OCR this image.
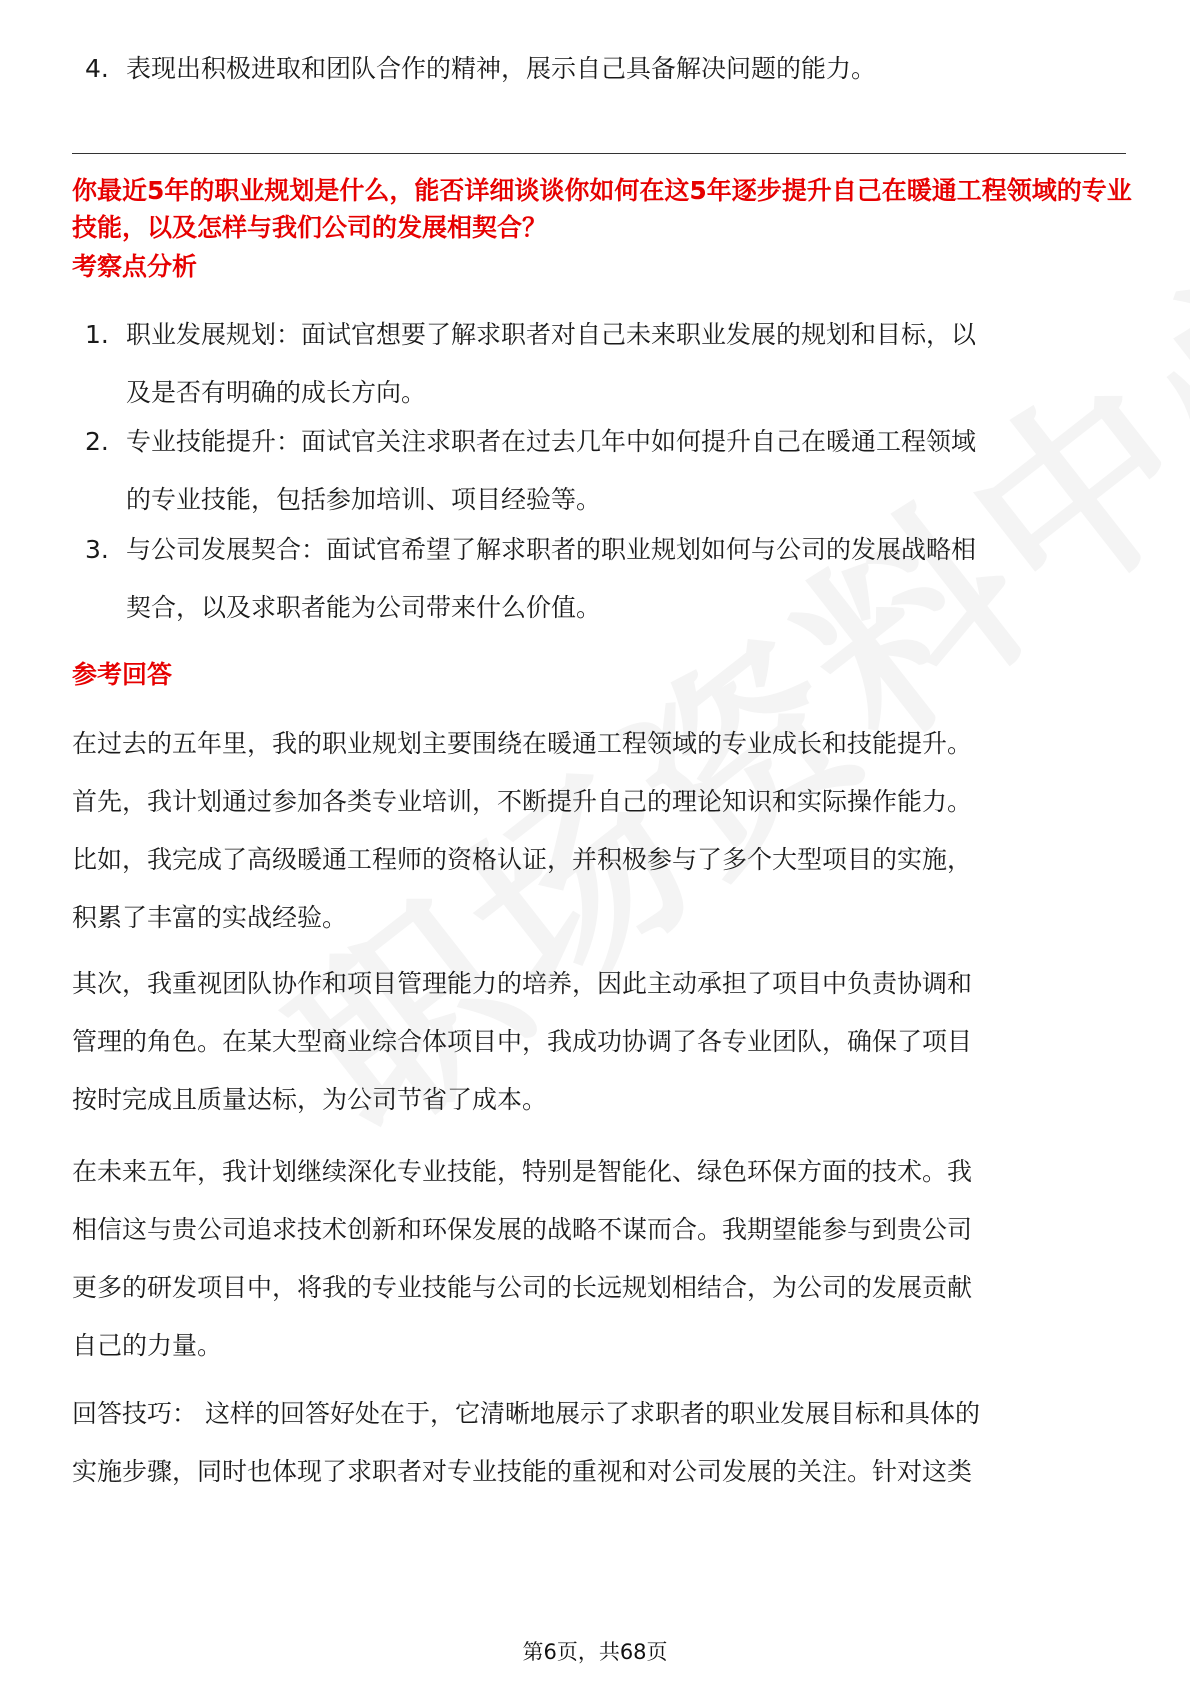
4. 表现出积极进取和团队合作的精神，展示自己具备解决问题的能力。
你最近5年的职业规划是什么，能否详细谈谈你如何在这5年逐步提升自己在暖通工程领域的专业技能，以及怎样与我们公司的发展相契合？
考察点分析
1. 职业发展规划：面试官想要了解求职者对自己未来职业发展的规划和目标，以
及是否有明确的成长方向。
2. 专业技能提升：面试官关注求职者在过去几年中如何提升自己在暖通工程领域
的专业技能，包括参加培训、项目经验等。
3. 与公司发展契合：面试官希望了解求职者的职业规划如何与公司的发展战略相
契合，以及求职者能为公司带来什么价值。
参考回答
在过去的五年里，我的职业规划主要围绕在暖通工程领域的专业成长和技能提升。
首先，我计划通过参加各类专业培训，不断提升自己的理论知识和实际操作能力。
比如，我完成了高级暖通工程师的资格认证，并积极参与了多个大型项目的实施，
积累了丰富的实战经验。
其次，我重视团队协作和项目管理能力的培养，因此主动承担了项目中负责协调和
管理的角色。在某大型商业综合体项目中，我成功协调了各专业团队，确保了项目
按时完成且质量达标，为公司节省了成本。
在未来五年，我计划继续深化专业技能，特别是智能化、绿色环保方面的技术。我
相信这与贵公司追求技术创新和环保发展的战略不谋而合。我期望能参与到贵公司
更多的研发项目中，将我的专业技能与公司的长远规划相结合，为公司的发展贡献
自己的力量。
回答技巧： 这样的回答好处在于，它清晰地展示了求职者的职业发展目标和具体的
实施步骤，同时也体现了求职者对专业技能的重视和对公司发展的关注。针对这类
第6页，共68页
